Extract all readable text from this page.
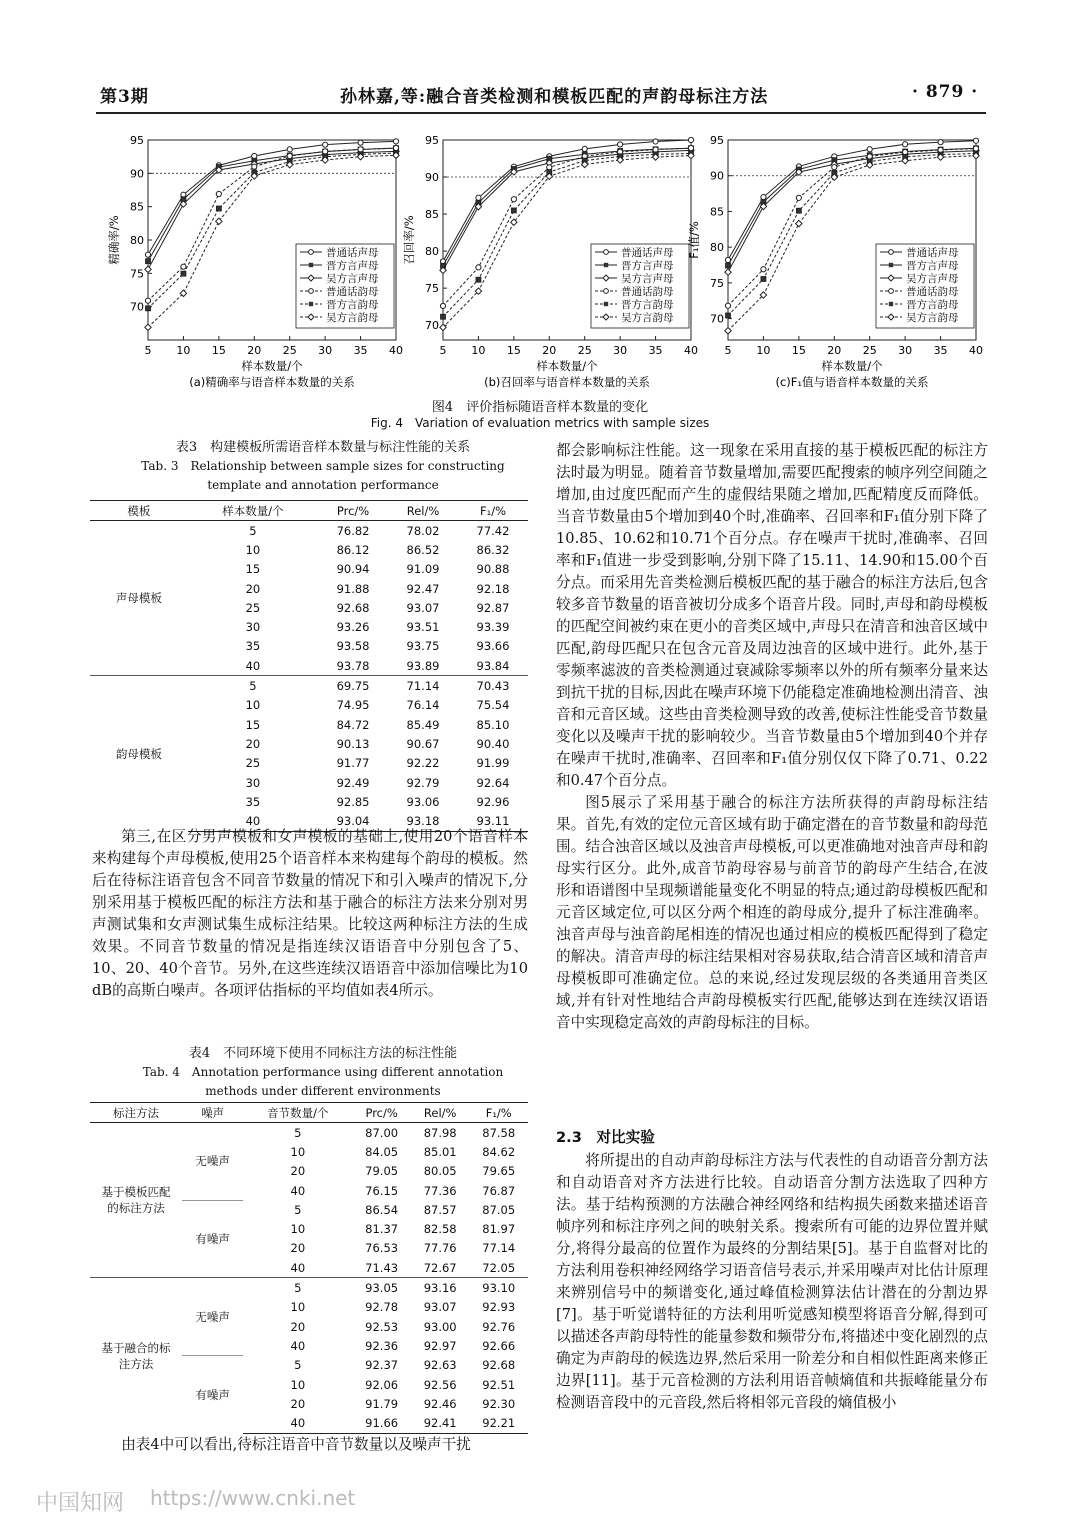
第3期	孙林嘉,等:融合音类检测和模板匹配的声韵母标注方法	· 879 ·
70
75
80
85
90
95
5 10 15 20 25 30 35 40
样本数量/个
精确率/%	普通话声母
晋方言声母
吴方言声母
普通话韵母
晋方言韵母
吴方言韵母
(a)精确率与语音样本数量的关系
70
75
80
85
90
95
5 10 15 20 25 30 35 40
样本数量/个
召回率/%	普通话声母
晋方言声母
吴方言声母
普通话韵母
晋方言韵母
吴方言韵母
(b)召回率与语音样本数量的关系
70
75
80
85
90
95
5 10 15 20 25 30 35 40
样本数量/个
F₁值/%	普通话声母
晋方言声母
吴方言声母
普通话韵母
晋方言韵母
吴方言韵母
(c)F₁值与语音样本数量的关系
图4　评价指标随语音样本数量的变化
Fig. 4　Variation of evaluation metrics with sample sizes
表3　构建模板所需语音样本数量与标注性能的关系
Tab. 3　Relationship between sample sizes for constructing
template and annotation performance
模板	样本数量/个	Prc/%	Rel/%	F₁/%
声母模板	5	76.82	78.02	77.42
	10	86.12	86.52	86.32
	15	90.94	91.09	90.88
	20	91.88	92.47	92.18
	25	92.68	93.07	92.87
	30	93.26	93.51	93.39
	35	93.58	93.75	93.66
	40	93.78	93.89	93.84
韵母模板	5	69.75	71.14	70.43
	10	74.95	76.14	75.54
	15	84.72	85.49	85.10
	20	90.13	90.67	90.40
	25	91.77	92.22	91.99
	30	92.49	92.79	92.64
	35	92.85	93.06	92.96
	40	93.04	93.18	93.11

第三,在区分男声模板和女声模板的基础上,使用20个语音样本来构建每个声母模板,使用25个语音样本来构建每个韵母的模板。然后在待标注语音包含不同音节数量的情况下和引入噪声的情况下,分别采用基于模板匹配的标注方法和基于融合的标注方法来分别对男声测试集和女声测试集生成标注结果。比较这两种标注方法的生成效果。不同音节数量的情况是指连续汉语语音中分别包含了5、10、20、40个音节。另外,在这些连续汉语语音中添加信噪比为10 dB的高斯白噪声。各项评估指标的平均值如表4所示。

表4　不同环境下使用不同标注方法的标注性能
Tab. 4　Annotation performance using different annotation
methods under different environments
标注方法	噪声	音节数量/个	Prc/%	Rel/%	F₁/%
基于模板匹配的标注方法	无噪声	5	87.00	87.98	87.58
		10	84.05	85.01	84.62
		20	79.05	80.05	79.65
		40	76.15	77.36	76.87
	有噪声	5	86.54	87.57	87.05
		10	81.37	82.58	81.97
		20	76.53	77.76	77.14
		40	71.43	72.67	72.05
基于融合的标注方法	无噪声	5	93.05	93.16	93.10
		10	92.78	93.07	92.93
		20	92.53	93.00	92.76
		40	92.36	92.97	92.66
	有噪声	5	92.37	92.63	92.68
		10	92.06	92.56	92.51
		20	91.79	92.46	92.30
		40	91.66	92.41	92.21

由表4中可以看出,待标注语音中音节数量以及噪声干扰

都会影响标注性能。这一现象在采用直接的基于模板匹配的标注方法时最为明显。随着音节数量增加,需要匹配搜索的帧序列空间随之增加,由过度匹配而产生的虚假结果随之增加,匹配精度反而降低。当音节数量由5个增加到40个时,准确率、召回率和F₁值分别下降了10.85、10.62和10.71个百分点。存在噪声干扰时,准确率、召回率和F₁值进一步受到影响,分别下降了15.11、14.90和15.00个百分点。而采用先音类检测后模板匹配的基于融合的标注方法后,包含较多音节数量的语音被切分成多个语音片段。同时,声母和韵母模板的匹配空间被约束在更小的音类区域中,声母只在清音和浊音区域中匹配,韵母匹配只在包含元音及周边浊音的区域中进行。此外,基于零频率滤波的音类检测通过衰减除零频率以外的所有频率分量来达到抗干扰的目标,因此在噪声环境下仍能稳定准确地检测出清音、浊音和元音区域。这些由音类检测导致的改善,使标注性能受音节数量变化以及噪声干扰的影响较少。当音节数量由5个增加到40个并存在噪声干扰时,准确率、召回率和F₁值分别仅仅下降了0.71、0.22和0.47个百分点。

图5展示了采用基于融合的标注方法所获得的声韵母标注结果。首先,有效的定位元音区域有助于确定潜在的音节数量和韵母范围。结合浊音区域以及浊音声母模板,可以更准确地对浊音声母和韵母实行区分。此外,成音节韵母容易与前音节的韵母产生结合,在波形和语谱图中呈现频谱能量变化不明显的特点;通过韵母模板匹配和元音区域定位,可以区分两个相连的韵母成分,提升了标注准确率。浊音声母与浊音韵尾相连的情况也通过相应的模板匹配得到了稳定的解决。清音声母的标注结果相对容易获取,结合清音区域和清音声母模板即可准确定位。总的来说,经过发现层级的各类通用音类区域,并有针对性地结合声韵母模板实行匹配,能够达到在连续汉语语音中实现稳定高效的声韵母标注的目标。

2.3　对比实验

将所提出的自动声韵母标注方法与代表性的自动语音分割方法和自动语音对齐方法进行比较。自动语音分割方法选取了四种方法。基于结构预测的方法融合神经网络和结构损失函数来描述语音帧序列和标注序列之间的映射关系。搜索所有可能的边界位置并赋分,将得分最高的位置作为最终的分割结果[5]。基于自监督对比的方法利用卷积神经网络学习语音信号表示,并采用噪声对比估计原理来辨别信号中的频谱变化,通过峰值检测算法估计潜在的分割边界[7]。基于听觉谱特征的方法利用听觉感知模型将语音分解,得到可以描述各声韵母特性的能量参数和频带分布,将描述中变化剧烈的点确定为声韵母的候选边界,然后采用一阶差分和自相似性距离来修正边界[11]。基于元音检测的方法利用语音帧熵值和共振峰能量分布检测语音段中的元音段,然后将相邻元音段的熵值极小

中国知网 https://www.cnki.net
